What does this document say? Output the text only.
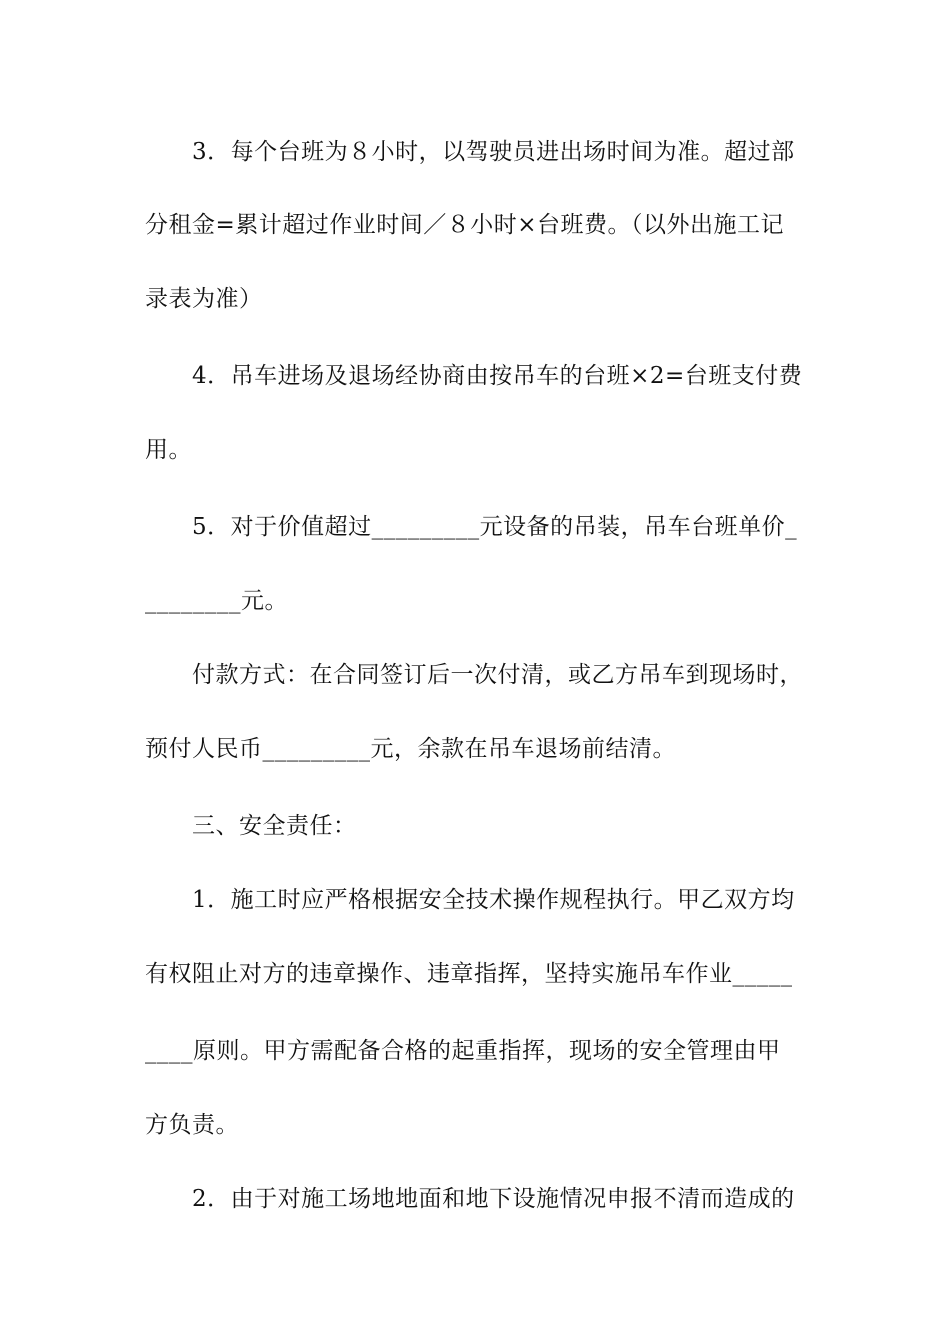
3．每个台班为８小时，以驾驶员进出场时间为准。超过部
分租金=累计超过作业时间／８小时×台班费。（以外出施工记
录表为准）
4．吊车进场及退场经协商由按吊车的台班×2=台班支付费
用。
5．对于价值超过_________元设备的吊装，吊车台班单价_
________元。
付款方式：在合同签订后一次付清，或乙方吊车到现场时，
预付人民币_________元，余款在吊车退场前结清。
三、安全责任：
1．施工时应严格根据安全技术操作规程执行。甲乙双方均
有权阻止对方的违章操作、违章指挥，坚持实施吊车作业_____
____原则。甲方需配备合格的起重指挥，现场的安全管理由甲
方负责。
2．由于对施工场地地面和地下设施情况申报不清而造成的
